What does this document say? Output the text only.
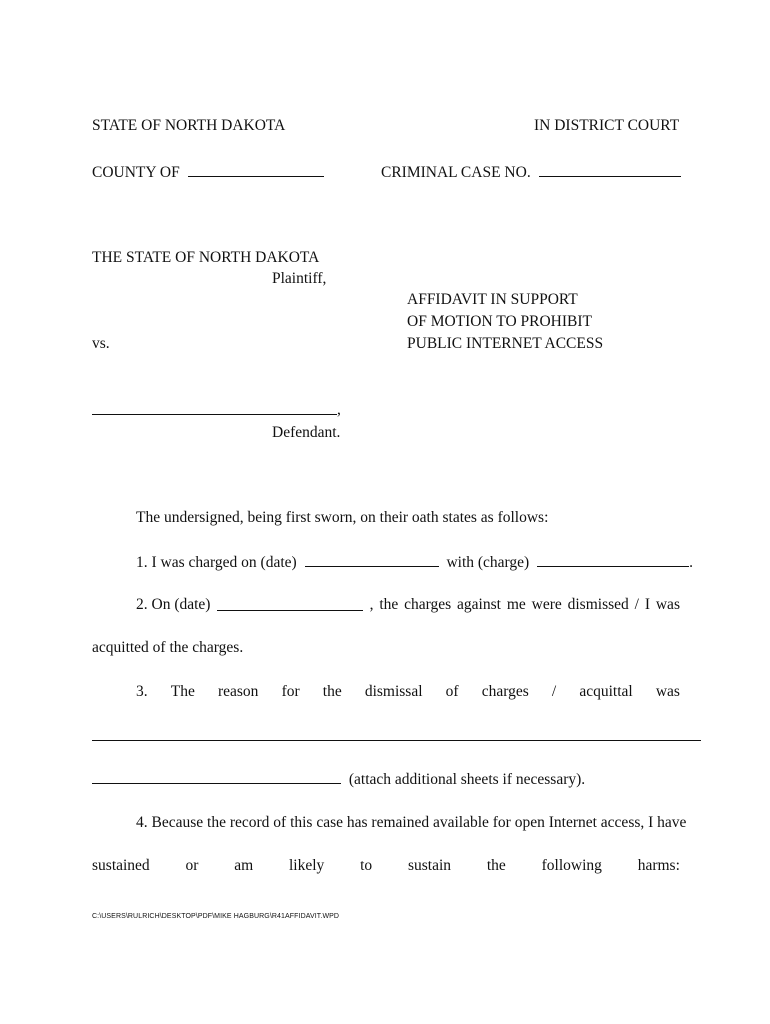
STATE OF NORTH DAKOTA	IN DISTRICT COURT
COUNTY OF	CRIMINAL CASE NO.
THE STATE OF NORTH DAKOTA
Plaintiff,
AFFIDAVIT IN SUPPORT
OF MOTION TO PROHIBIT
PUBLIC INTERNET ACCESS
vs.
,
Defendant.
The undersigned, being first sworn, on their oath states as follows:
1. I was charged on (date)	with (charge)	.
2. On (date)	, the charges against me were dismissed / I was
acquitted of the charges.
3. The reason for the dismissal of charges / acquittal was
(attach additional sheets if necessary).
4. Because the record of this case has remained available for open Internet access, I have
sustained or am likely to sustain the following harms:
C:\USERS\RULRICH\DESKTOP\PDF\MIKE HAGBURG\R41AFFIDAVIT.WPD
